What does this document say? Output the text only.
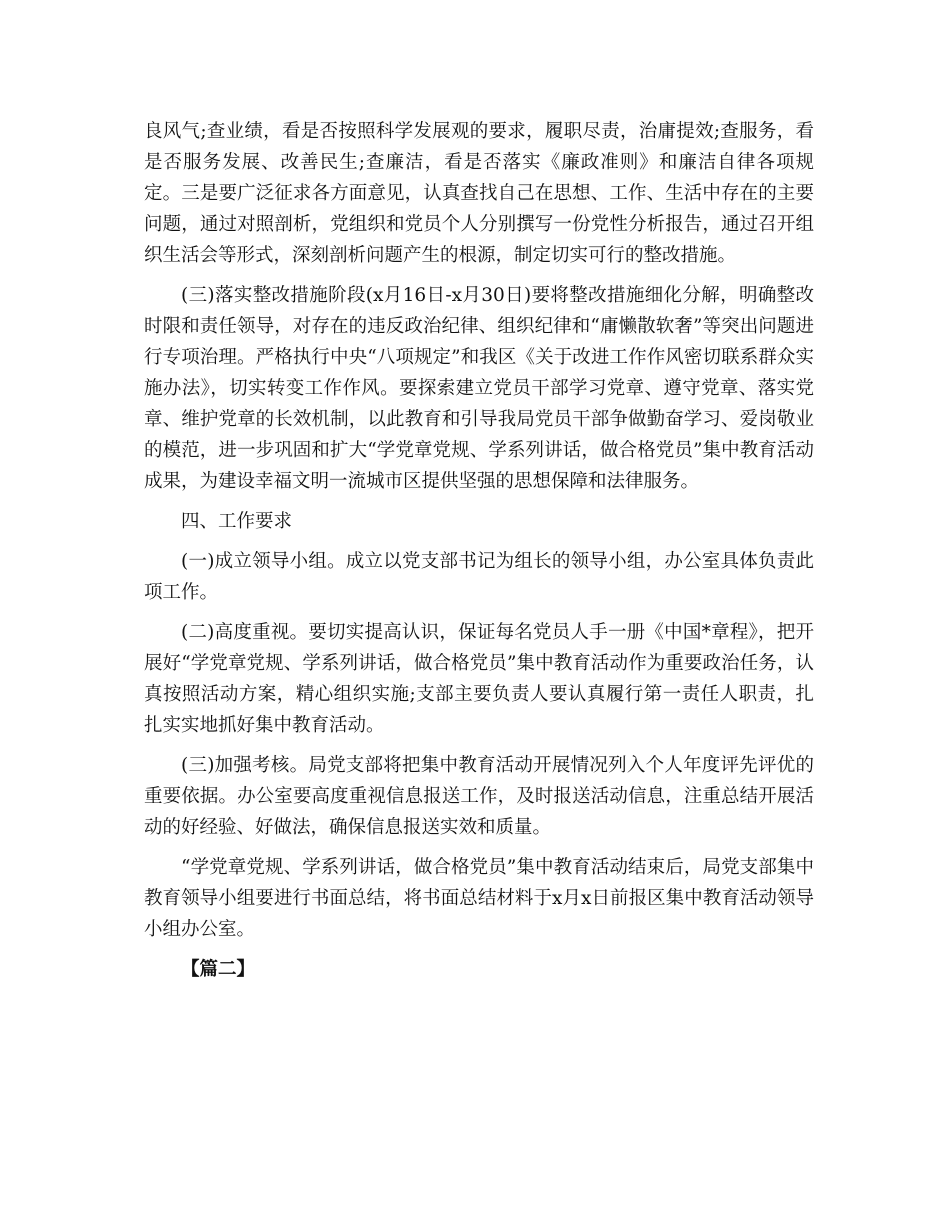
良风气;查业绩，看是否按照科学发展观的要求，履职尽责，治庸提效;查服务，看是否服务发展、改善民生;查廉洁，看是否落实《廉政准则》和廉洁自律各项规定。三是要广泛征求各方面意见，认真查找自己在思想、工作、生活中存在的主要问题，通过对照剖析，党组织和党员个人分别撰写一份党性分析报告，通过召开组织生活会等形式，深刻剖析问题产生的根源，制定切实可行的整改措施。

(三)落实整改措施阶段(x月16日-x月30日)要将整改措施细化分解，明确整改时限和责任领导，对存在的违反政治纪律、组织纪律和“庸懒散软奢”等突出问题进行专项治理。严格执行中央“八项规定”和我区《关于改进工作作风密切联系群众实施办法》，切实转变工作作风。要探索建立党员干部学习党章、遵守党章、落实党章、维护党章的长效机制，以此教育和引导我局党员干部争做勤奋学习、爱岗敬业的模范，进一步巩固和扩大“学党章党规、学系列讲话，做合格党员”集中教育活动成果，为建设幸福文明一流城市区提供坚强的思想保障和法律服务。

四、工作要求

(一)成立领导小组。成立以党支部书记为组长的领导小组，办公室具体负责此项工作。

(二)高度重视。要切实提高认识，保证每名党员人手一册《中国*章程》，把开展好“学党章党规、学系列讲话，做合格党员”集中教育活动作为重要政治任务，认真按照活动方案，精心组织实施;支部主要负责人要认真履行第一责任人职责，扎扎实实地抓好集中教育活动。

(三)加强考核。局党支部将把集中教育活动开展情况列入个人年度评先评优的重要依据。办公室要高度重视信息报送工作，及时报送活动信息，注重总结开展活动的好经验、好做法，确保信息报送实效和质量。

“学党章党规、学系列讲话，做合格党员”集中教育活动结束后，局党支部集中教育领导小组要进行书面总结，将书面总结材料于x月x日前报区集中教育活动领导小组办公室。

【篇二】
